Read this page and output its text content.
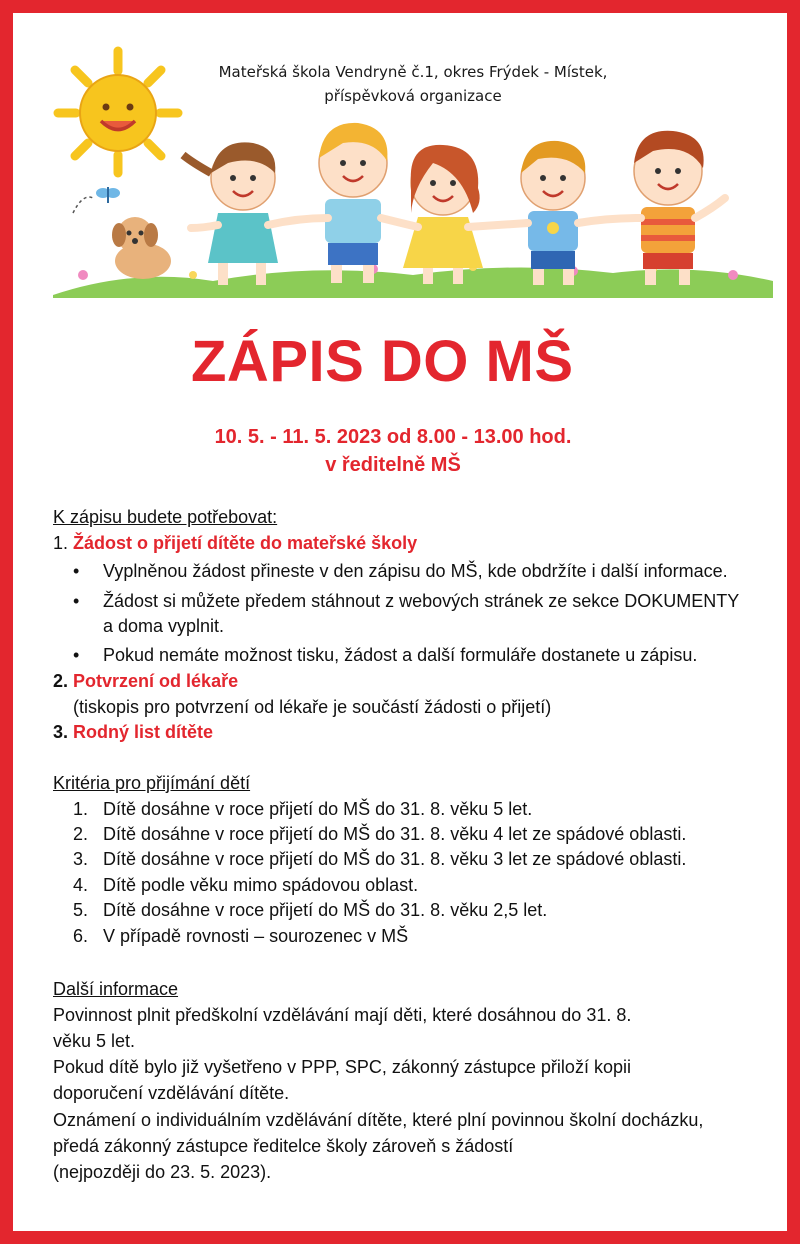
Mateřská škola Vendryně č.1, okres Frýdek - Místek,
příspěvková organizace
ZÁPIS DO MŠ
10. 5. - 11. 5. 2023 od 8.00 - 13.00 hod.
v ředitelně MŠ
K zápisu budete potřebovat:
1. Žádost o přijetí dítěte do mateřské školy
• Vyplněnou žádost přineste v den zápisu do MŠ, kde obdržíte i další informace.
• Žádost si můžete předem stáhnout z webových stránek ze sekce DOKUMENTY
a doma vyplnit.
• Pokud nemáte možnost tisku, žádost a další formuláře dostanete u zápisu.
2. Potvrzení od lékaře
(tiskopis pro potvrzení od lékaře je součástí žádosti o přijetí)
3. Rodný list dítěte
Kritéria pro přijímání dětí
1. Dítě dosáhne v roce přijetí do MŠ do 31. 8. věku 5 let.
2. Dítě dosáhne v roce přijetí do MŠ do 31. 8. věku 4 let ze spádové oblasti.
3. Dítě dosáhne v roce přijetí do MŠ do 31. 8. věku 3 let ze spádové oblasti.
4. Dítě podle věku mimo spádovou oblast.
5. Dítě dosáhne v roce přijetí do MŠ do 31. 8. věku 2,5 let.
6. V případě rovnosti – sourozenec v MŠ
Další informace
Povinnost plnit předškolní vzdělávání mají děti, které dosáhnou do 31. 8.
věku 5 let.
Pokud dítě bylo již vyšetřeno v PPP, SPC, zákonný zástupce přiloží kopii
doporučení vzdělávání dítěte.
Oznámení o individuálním vzdělávání dítěte, které plní povinnou školní docházku,
předá zákonný zástupce ředitelce školy zároveň s žádostí
(nejpozději do 23. 5. 2023).
